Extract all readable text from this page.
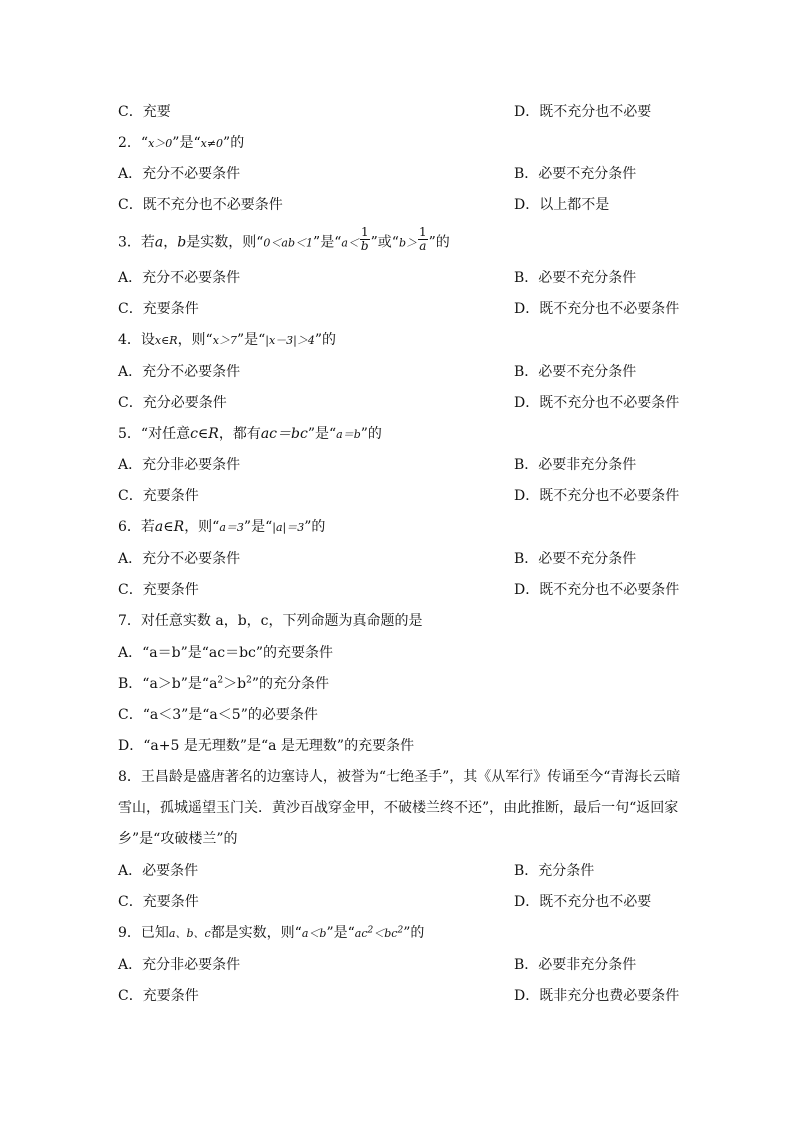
C．充要	D．既不充分也不必要
2．“x＞0”是“x≠0”的
A．充分不必要条件	B．必要不充分条件
C．既不充分也不必要条件	D．以上都不是
3．若a，b是实数，则“0＜ab＜1”是“$a< \frac{1}{b}$ ”或“$b> \frac{1}{a}$ ”的
A．充分不必要条件	B．必要不充分条件
C．充要条件	D．既不充分也不必要条件
4．设x∈R，则“x＞7”是“|x－3|＞4”的
A．充分不必要条件	B．必要不充分条件
C．充分必要条件	D．既不充分也不必要条件
5．“对任意c∈R，都有ac＝bc”是“a＝b”的
A．充分非必要条件	B．必要非充分条件
C．充要条件	D．既不充分也不必要条件
6．若a∈R，则“a＝3”是“|a|＝3”的
A．充分不必要条件	B．必要不充分条件
C．充要条件	D．既不充分也不必要条件
7．对任意实数 a，b，c，下列命题为真命题的是
A．“a＝b”是“ac＝bc”的充要条件
B．“a＞b”是“$a^2>b^2$”的充分条件
C．“a＜3”是“a＜5”的必要条件
D．“a+5 是无理数”是“a 是无理数”的充要条件
8．王昌龄是盛唐著名的边塞诗人，被誉为“七绝圣手”，其《从军行》传诵至今“青海长云暗
雪山，孤城遥望玉门关．黄沙百战穿金甲，不破楼兰终不还”，由此推断，最后一句“返回家
乡”是“攻破楼兰”的
A．必要条件	B．充分条件
C．充要条件	D．既不充分也不必要
9．已知a、b、c都是实数，则“a＜b”是“$ac^2<bc^2$”的
A．充分非必要条件	B．必要非充分条件
C．充要条件	D．既非充分也费必要条件
